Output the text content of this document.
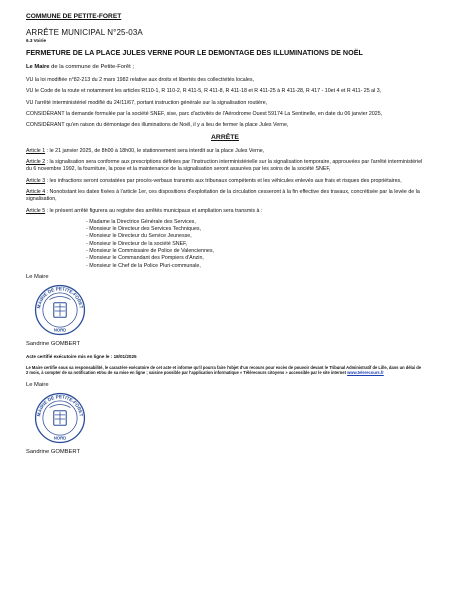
COMMUNE DE PETITE-FORET
ARRÊTE MUNICIPAL N°25-03A
6.3 Voirie
FERMETURE DE LA PLACE JULES VERNE POUR LE DEMONTAGE DES ILLUMINATIONS DE NOËL
Le Maire de la commune de Petite-Forêt ;

VU la loi modifiée n°82-213 du 2 mars 1982 relative aux droits et libertés des collectivités locales,

VU le Code de la route et notamment les articles R110-1, R 110-2, R 411-5, R 411-8, R 411-18 et R 411-25 à R 411-28, R 417 - 10et 4 et R 411- 25 al 3,

VU l'arrêté interministériel modifié du 24/11/67, portant instruction générale sur la signalisation routière,

CONSIDÉRANT la demande formulée par la société SNEF, sise, parc d'activités de l'Aérodrome Ouest 59174 La Sentinelle, en date du 06 janvier 2025,

CONSIDÉRANT qu'en raison du démontage des illuminations de Noël, il y a lieu de fermer la place Jules Verne,

ARRÊTE

Article 1 : le 21 janvier 2025, de 8h00 à 18h00, le stationnement sera interdit sur la place Jules Verne,

Article 2 : la signalisation sera conforme aux prescriptions définies par l'instruction interministérielle sur la signalisation temporaire, approuvées par l'arrêté interministériel du 6 novembre 1992, la fourniture, la pose et la maintenance de la signalisation seront assurées par les soins de la société SNEF,

Article 3 : les infractions seront constatées par procès-verbaux transmis aux tribunaux compétents et les véhicules enlevés aux frais et risques des propriétaires,

Article 4 : Nonobstant les dates fixées à l'article 1er, ces dispositions d'exploitation de la circulation cesseront à la fin effective des travaux, concrétisée par la levée de la signalisation,

Article 5 : le présent arrêté figurera au registre des arrêtés municipaux et ampliation sera transmis à :

- Madame la Directrice Générale des Services,
- Monsieur le Directeur des Services Techniques,
- Monsieur le Directeur du Service Jeunesse,
- Monsieur le Directeur de la société SNEF,
- Monsieur le Commissaire de Police de Valenciennes,
- Monsieur le Commandant des Pompiers d'Anzin,
- Monsieur le Chef de la Police Pluri-communale,
Le Maire
MAIRIE DE PETITE-FORET
NORD
Sandrine GOMBERT
Acte certifié exécutoire mis en ligne le : 18/01/2025
Le Maire certifie sous sa responsabilité, le caractère exécutoire de cet acte et informe qu'il pourra faire l'objet d'un recours pour excès de pouvoir devant le Tribunal Administratif de Lille, dans un délai de 2 mois, à compter de sa notification et/ou de sa mise en ligne ; saisine possible par l'application informatique « Télérecours citoyens » accessible par le site internet www.telerecours.fr
Le Maire
MAIRIE DE PETITE-FORET
NORD
Sandrine GOMBERT
